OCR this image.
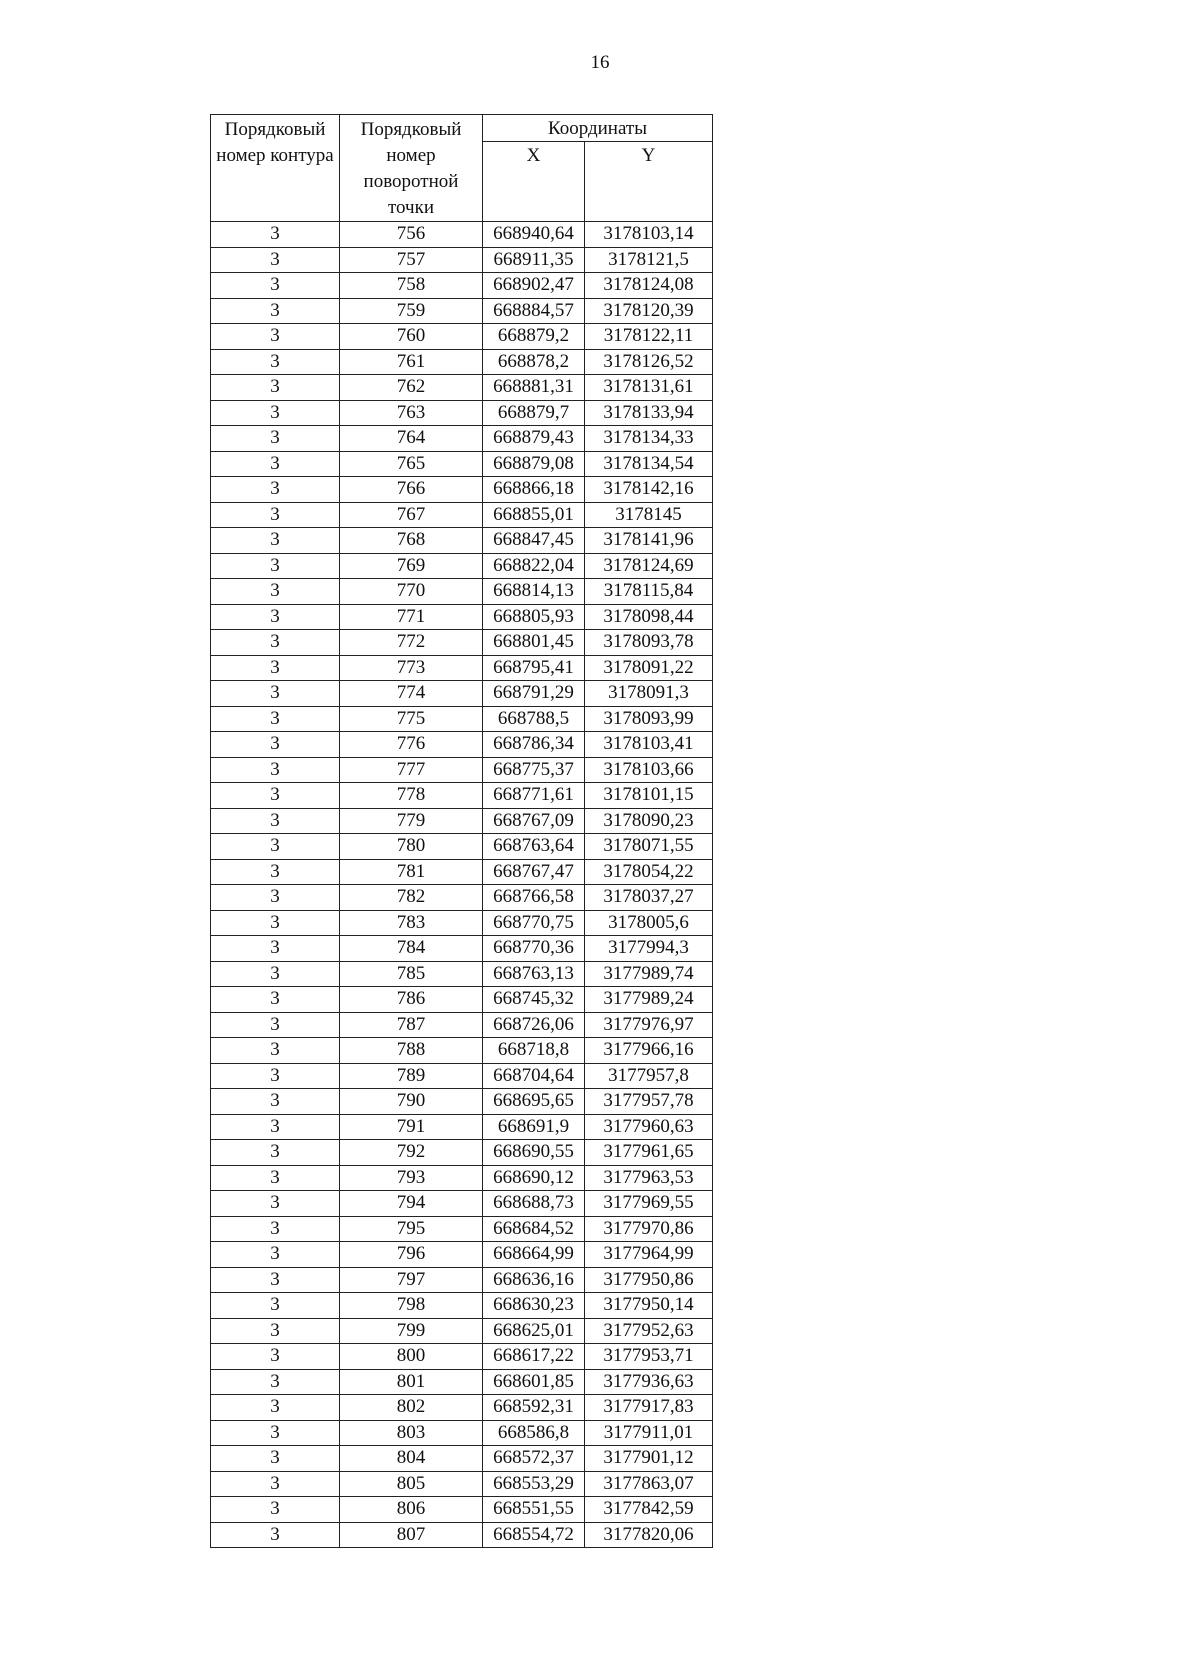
16
Порядковый номер контура	Порядковый номер поворотной точки	Координаты	
		X	Y
3	756	668940,64	3178103,14
3	757	668911,35	3178121,5
3	758	668902,47	3178124,08
3	759	668884,57	3178120,39
3	760	668879,2	3178122,11
3	761	668878,2	3178126,52
3	762	668881,31	3178131,61
3	763	668879,7	3178133,94
3	764	668879,43	3178134,33
3	765	668879,08	3178134,54
3	766	668866,18	3178142,16
3	767	668855,01	3178145
3	768	668847,45	3178141,96
3	769	668822,04	3178124,69
3	770	668814,13	3178115,84
3	771	668805,93	3178098,44
3	772	668801,45	3178093,78
3	773	668795,41	3178091,22
3	774	668791,29	3178091,3
3	775	668788,5	3178093,99
3	776	668786,34	3178103,41
3	777	668775,37	3178103,66
3	778	668771,61	3178101,15
3	779	668767,09	3178090,23
3	780	668763,64	3178071,55
3	781	668767,47	3178054,22
3	782	668766,58	3178037,27
3	783	668770,75	3178005,6
3	784	668770,36	3177994,3
3	785	668763,13	3177989,74
3	786	668745,32	3177989,24
3	787	668726,06	3177976,97
3	788	668718,8	3177966,16
3	789	668704,64	3177957,8
3	790	668695,65	3177957,78
3	791	668691,9	3177960,63
3	792	668690,55	3177961,65
3	793	668690,12	3177963,53
3	794	668688,73	3177969,55
3	795	668684,52	3177970,86
3	796	668664,99	3177964,99
3	797	668636,16	3177950,86
3	798	668630,23	3177950,14
3	799	668625,01	3177952,63
3	800	668617,22	3177953,71
3	801	668601,85	3177936,63
3	802	668592,31	3177917,83
3	803	668586,8	3177911,01
3	804	668572,37	3177901,12
3	805	668553,29	3177863,07
3	806	668551,55	3177842,59
3	807	668554,72	3177820,06
